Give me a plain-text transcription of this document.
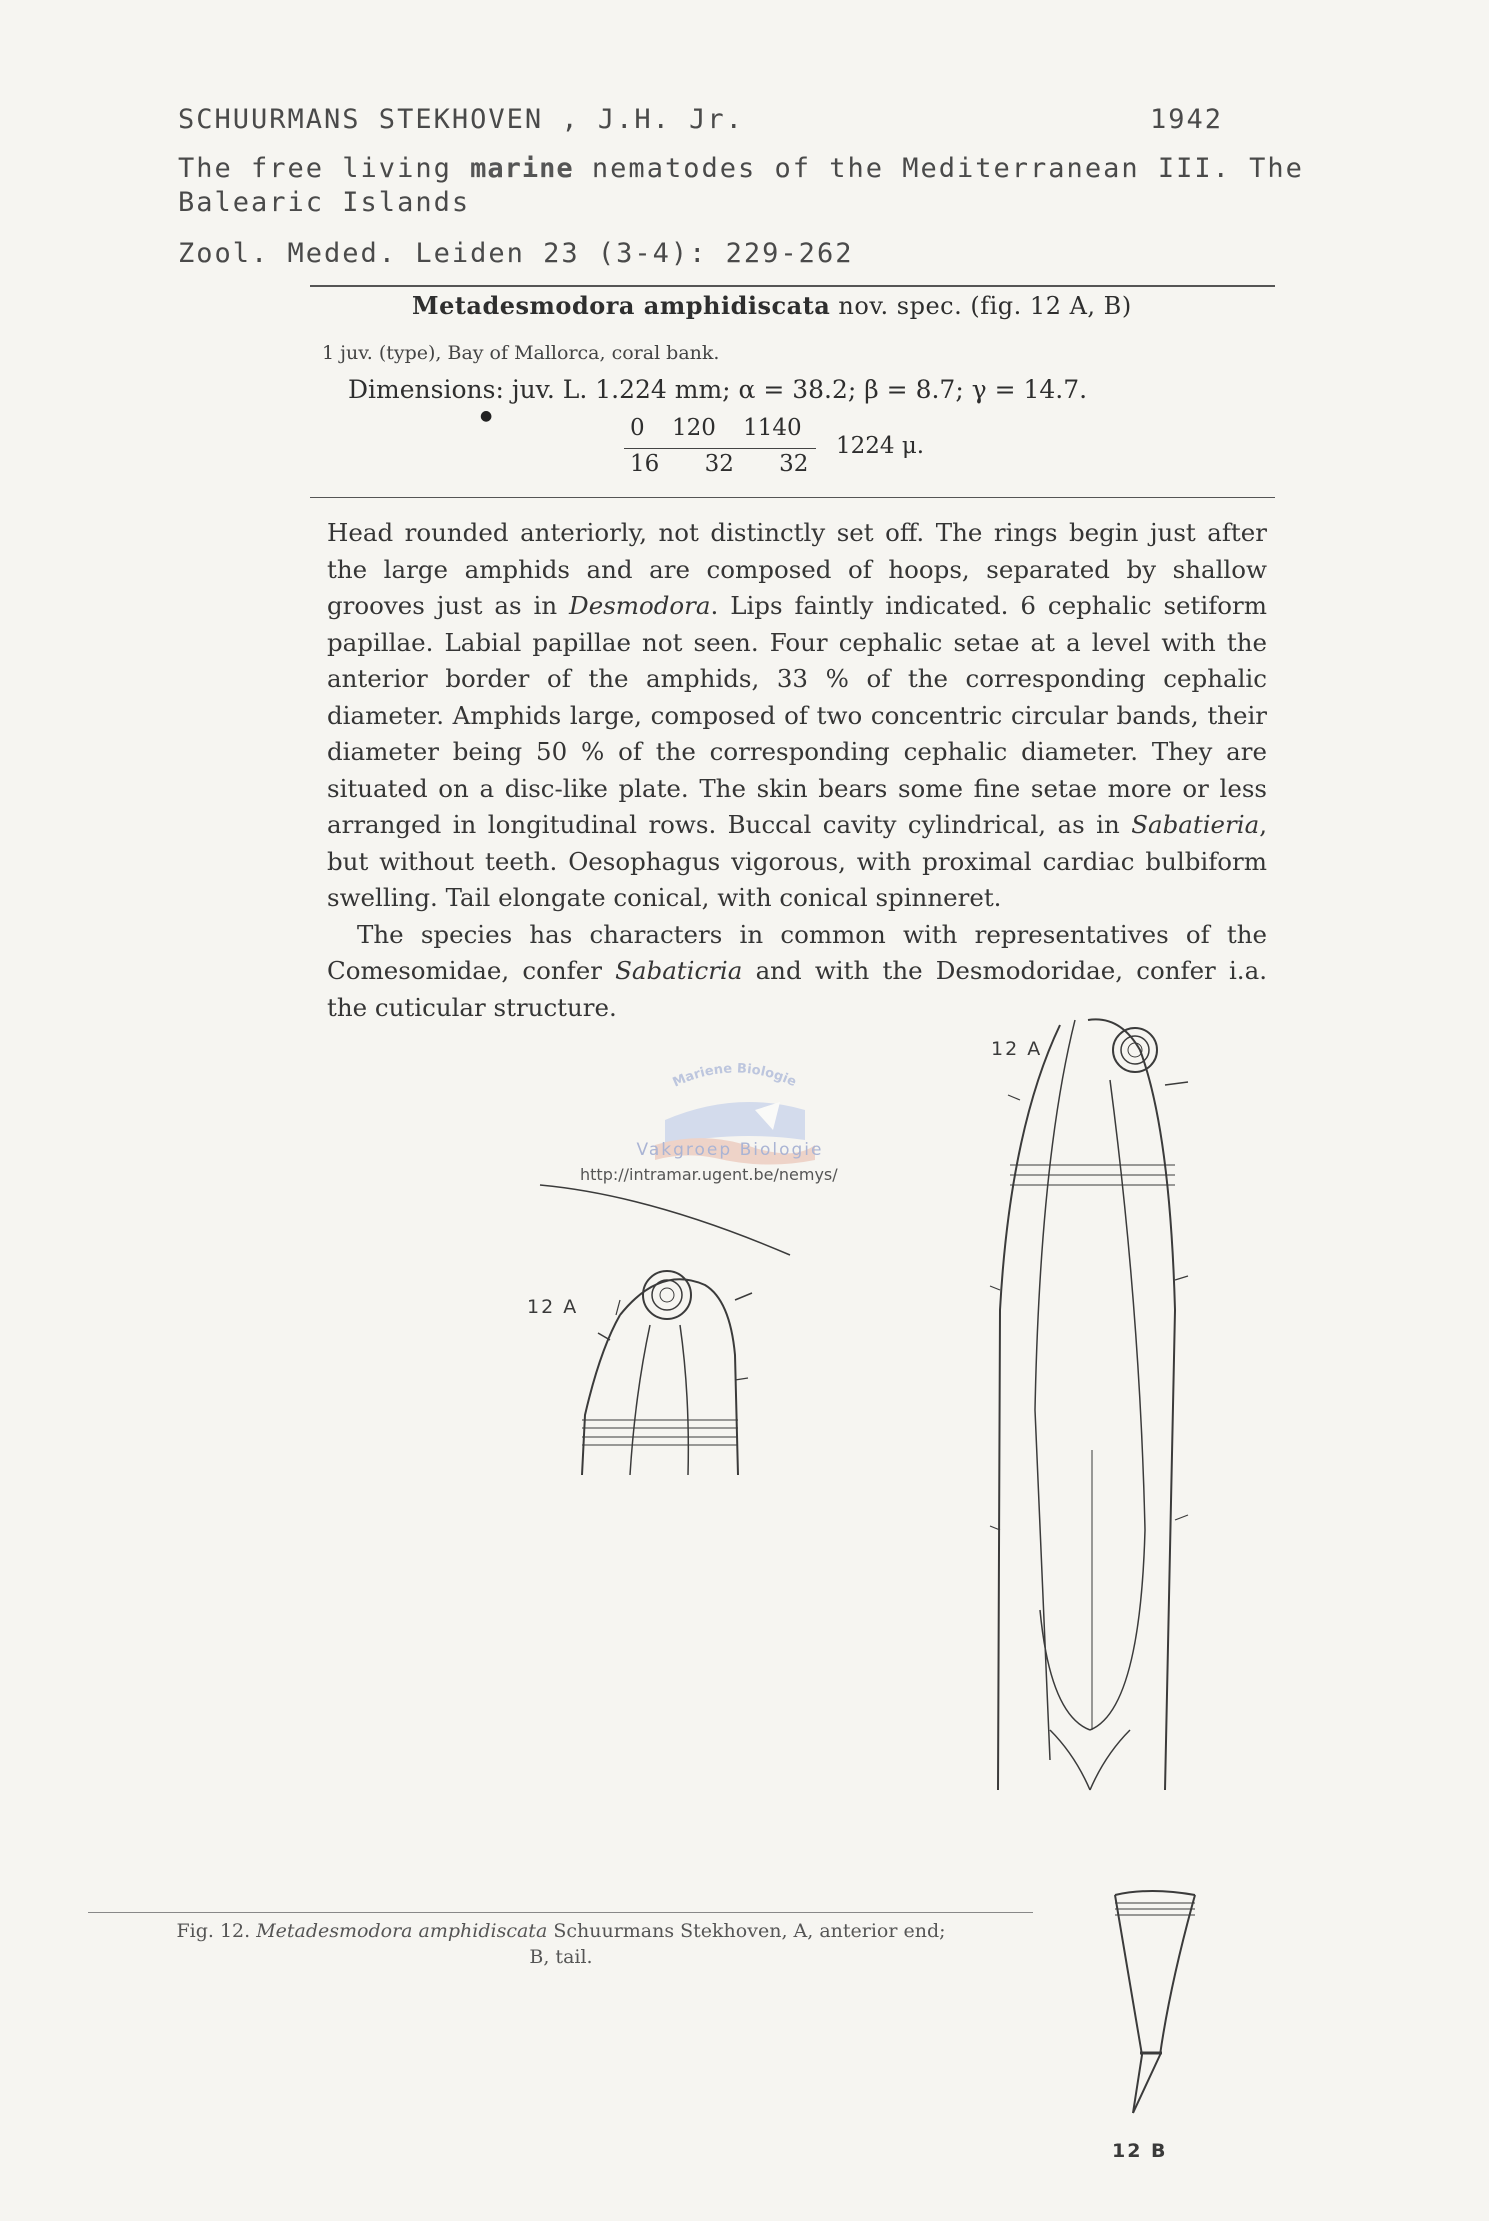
SCHUURMANS STEKHOVEN , J.H. Jr.	1942
The free living marine nematodes of the Mediterranean III. The
Balearic Islands
Zool. Meded. Leiden 23 (3-4): 229-262
Metadesmodora amphidiscata nov. spec. (fig. 12 A, B)
1 juv. (type), Bay of Mallorca, coral bank.
Dimensions: juv. L. 1.224 mm; α = 38.2; β = 8.7; γ = 14.7.
●	0 120 1140
16 32 32
1224 μ.

Head rounded anteriorly, not distinctly set off. The rings begin just after the large amphids and are composed of hoops, separated by shallow grooves just as in Desmodora. Lips faintly indicated. 6 cephalic setiform papillae. Labial papillae not seen. Four cephalic setae at a level with the anterior border of the amphids, 33 % of the corresponding cephalic diameter. Amphids large, composed of two concentric circular bands, their diameter being 50 % of the corresponding cephalic diameter. They are situated on a disc-like plate. The skin bears some fine setae more or less arranged in longitudinal rows. Buccal cavity cylindrical, as in Sabatieria, but without teeth. Oesophagus vigorous, with proximal cardiac bulbiform swelling. Tail elongate conical, with conical spinneret.

The species has characters in common with representatives of the Comesomidae, confer Sabaticria and with the Desmodoridae, confer i.a. the cuticular structure.

Mariene Biologie
Vakgroep Biologie
http://intramar.ugent.be/nemys/
12 A
12 A
Fig. 12. Metadesmodora amphidiscata Schuurmans Stekhoven, A, anterior end;
B, tail.
12 B
